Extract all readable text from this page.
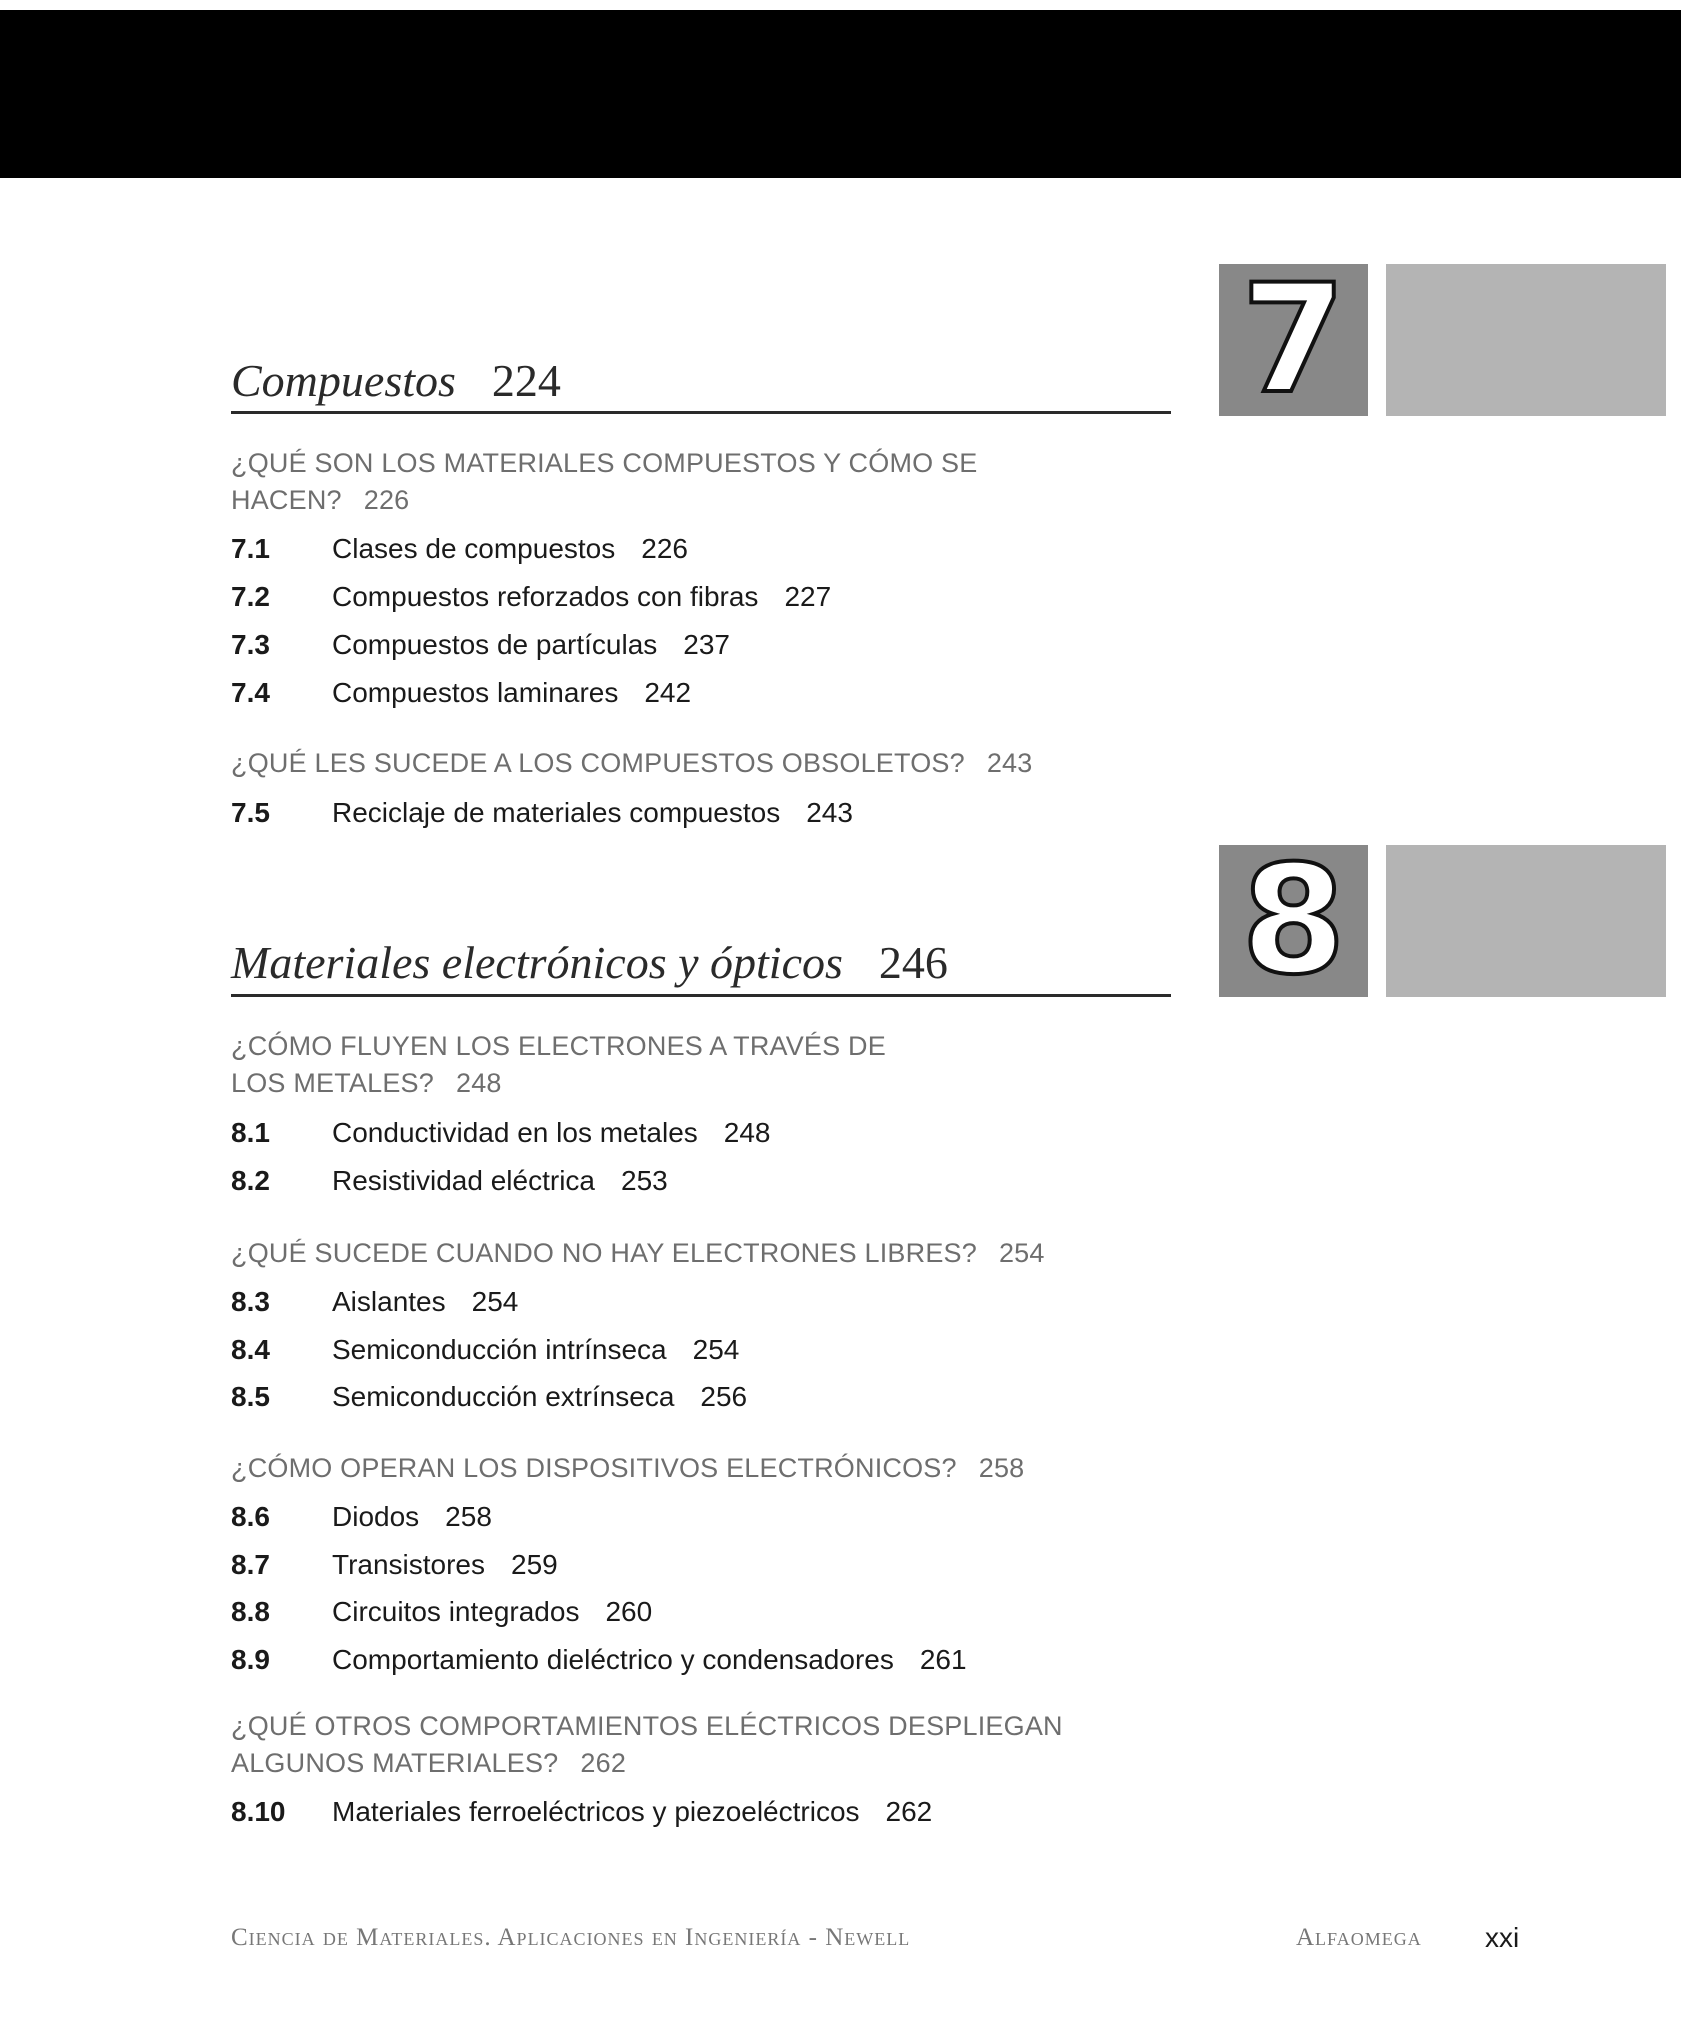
7
Compuestos 224

¿QUÉ SON LOS MATERIALES COMPUESTOS Y CÓMO SE HACEN? 226

7.1 Clases de compuestos 226
7.2 Compuestos reforzados con fibras 227
7.3 Compuestos de partículas 237
7.4 Compuestos laminares 242

¿QUÉ LES SUCEDE A LOS COMPUESTOS OBSOLETOS? 243

7.5 Reciclaje de materiales compuestos 243
8
Materiales electrónicos y ópticos 246

¿CÓMO FLUYEN LOS ELECTRONES A TRAVÉS DE LOS METALES? 248

8.1 Conductividad en los metales 248
8.2 Resistividad eléctrica 253

¿QUÉ SUCEDE CUANDO NO HAY ELECTRONES LIBRES? 254

8.3 Aislantes 254
8.4 Semiconducción intrínseca 254
8.5 Semiconducción extrínseca 256

¿CÓMO OPERAN LOS DISPOSITIVOS ELECTRÓNICOS? 258

8.6 Diodos 258
8.7 Transistores 259
8.8 Circuitos integrados 260
8.9 Comportamiento dieléctrico y condensadores 261

¿QUÉ OTROS COMPORTAMIENTOS ELÉCTRICOS DESPLIEGAN ALGUNOS MATERIALES? 262

8.10 Materiales ferroeléctricos y piezoeléctricos 262
Ciencia de Materiales. Aplicaciones en Ingeniería - Newell	Alfaomega xxi
